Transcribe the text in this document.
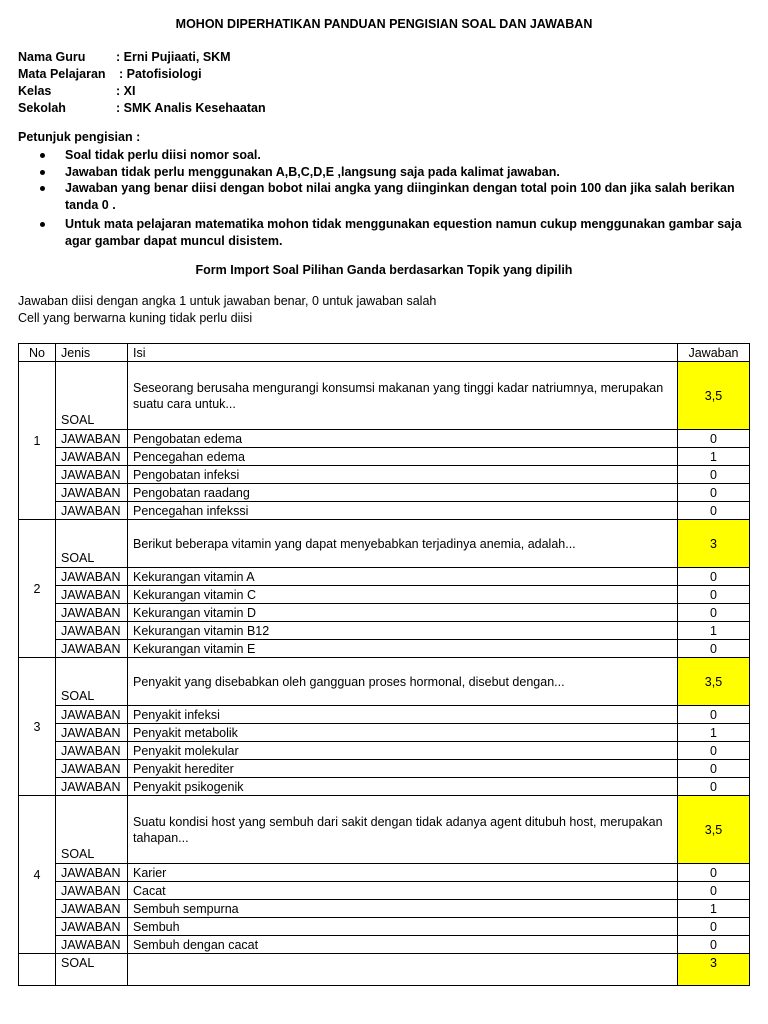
MOHON DIPERHATIKAN PANDUAN PENGISIAN SOAL DAN JAWABAN
Nama Guru : Erni Pujiaati, SKM
Mata Pelajaran : Patofisiologi
Kelas	: XI
Sekolah	: SMK Analis Kesehaatan
Petunjuk pengisian :
Soal tidak perlu diisi nomor soal.
Jawaban tidak perlu menggunakan A,B,C,D,E ,langsung saja pada kalimat jawaban.
Jawaban yang benar diisi dengan bobot nilai angka yang diinginkan dengan total poin 100 dan jika salah berikan tanda 0 .
Untuk mata pelajaran matematika mohon tidak menggunakan equestion namun cukup menggunakan gambar saja agar gambar dapat muncul disistem.
Form Import Soal Pilihan Ganda berdasarkan Topik yang dipilih
Jawaban diisi dengan angka 1 untuk jawaban benar, 0 untuk jawaban salah
Cell yang berwarna kuning tidak perlu diisi
No	Jenis	Isi	Jawaban
1	SOAL	Seseorang berusaha mengurangi konsumsi makanan yang tinggi kadar natriumnya, merupakan suatu cara untuk...	3,5
	JAWABAN	Pengobatan edema	0
	JAWABAN	Pencegahan edema	1
	JAWABAN	Pengobatan infeksi	0
	JAWABAN	Pengobatan raadang	0
	JAWABAN	Pencegahan infekssi	0
2	SOAL	Berikut beberapa vitamin yang dapat menyebabkan terjadinya anemia, adalah...	3
	JAWABAN	Kekurangan vitamin A	0
	JAWABAN	Kekurangan vitamin C	0
	JAWABAN	Kekurangan vitamin D	0
	JAWABAN	Kekurangan vitamin B12	1
	JAWABAN	Kekurangan vitamin E	0
3	SOAL	Penyakit yang disebabkan oleh gangguan proses hormonal, disebut dengan...	3,5
	JAWABAN	Penyakit infeksi	0
	JAWABAN	Penyakit metabolik	1
	JAWABAN	Penyakit molekular	0
	JAWABAN	Penyakit herediter	0
	JAWABAN	Penyakit psikogenik	0
4	SOAL	Suatu kondisi host yang sembuh dari sakit dengan tidak adanya agent ditubuh host, merupakan tahapan...	3,5
	JAWABAN	Karier	0
	JAWABAN	Cacat	0
	JAWABAN	Sembuh sempurna	1
	JAWABAN	Sembuh	0
	JAWABAN	Sembuh dengan cacat	0
	SOAL		3
